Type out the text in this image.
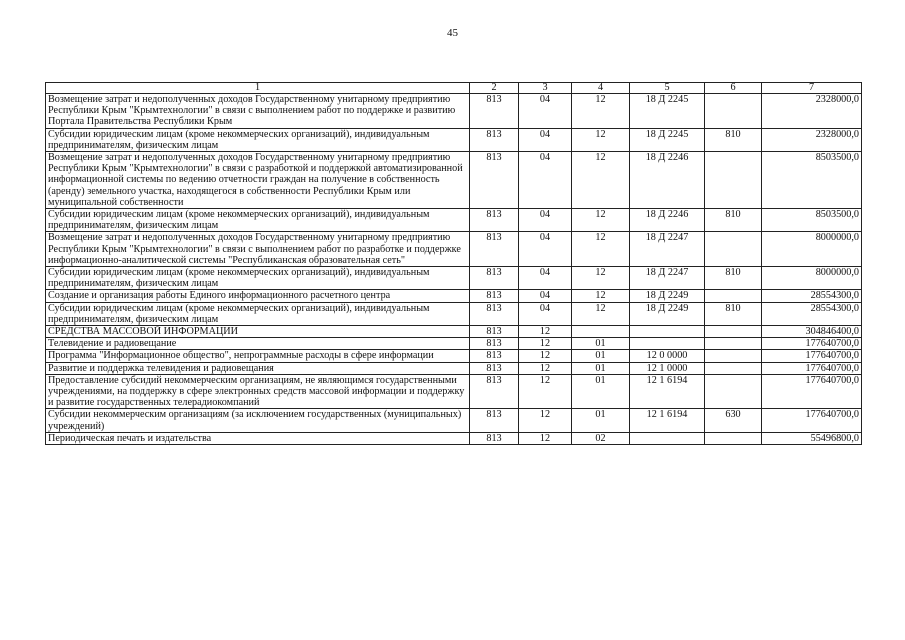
45
1	2	3	4	5	6	7
Возмещение затрат и недополученных доходов Государственному унитарному предприятию Республики Крым "Крымтехнологии" в связи с выполнением работ по поддержке и развитию Портала Правительства Республики Крым	813	04	12	18 Д 2245		2328000,0
Субсидии юридическим лицам (кроме некоммерческих организаций), индивидуальным предпринимателям, физическим лицам	813	04	12	18 Д 2245	810	2328000,0
Возмещение затрат и недополученных доходов Государственному унитарному предприятию Республики Крым "Крымтехнологии" в связи с разработкой и поддержкой автоматизированной информационной системы по ведению отчетности граждан на получение в собственность (аренду) земельного участка, находящегося в собственности Республики Крым или муниципальной собственности	813	04	12	18 Д 2246		8503500,0
Субсидии юридическим лицам (кроме некоммерческих организаций), индивидуальным предпринимателям, физическим лицам	813	04	12	18 Д 2246	810	8503500,0
Возмещение затрат и недополученных доходов Государственному унитарному предприятию Республики Крым "Крымтехнологии" в связи с выполнением работ по разработке и поддержке информационно-аналитической системы "Республиканская образовательная сеть"	813	04	12	18 Д 2247		8000000,0
Субсидии юридическим лицам (кроме некоммерческих организаций), индивидуальным предпринимателям, физическим лицам	813	04	12	18 Д 2247	810	8000000,0
Создание и организация работы Единого информационного расчетного центра	813	04	12	18 Д 2249		28554300,0
Субсидии юридическим лицам (кроме некоммерческих организаций), индивидуальным предпринимателям, физическим лицам	813	04	12	18 Д 2249	810	28554300,0
СРЕДСТВА МАССОВОЙ ИНФОРМАЦИИ	813	12				304846400,0
Телевидение и радиовещание	813	12	01			177640700,0
Программа "Информационное общество", непрограммные расходы в сфере информации	813	12	01	12 0 0000		177640700,0
Развитие и поддержка телевидения и радиовещания	813	12	01	12 1 0000		177640700,0
Предоставление субсидий некоммерческим организациям, не являющимся государственными учреждениями, на поддержку в сфере электронных средств массовой информации и поддержку и развитие государственных телерадиокомпаний	813	12	01	12 1 6194		177640700,0
Субсидии некоммерческим организациям (за исключением государственных (муниципальных) учреждений)	813	12	01	12 1 6194	630	177640700,0
Периодическая печать и издательства	813	12	02			55496800,0
